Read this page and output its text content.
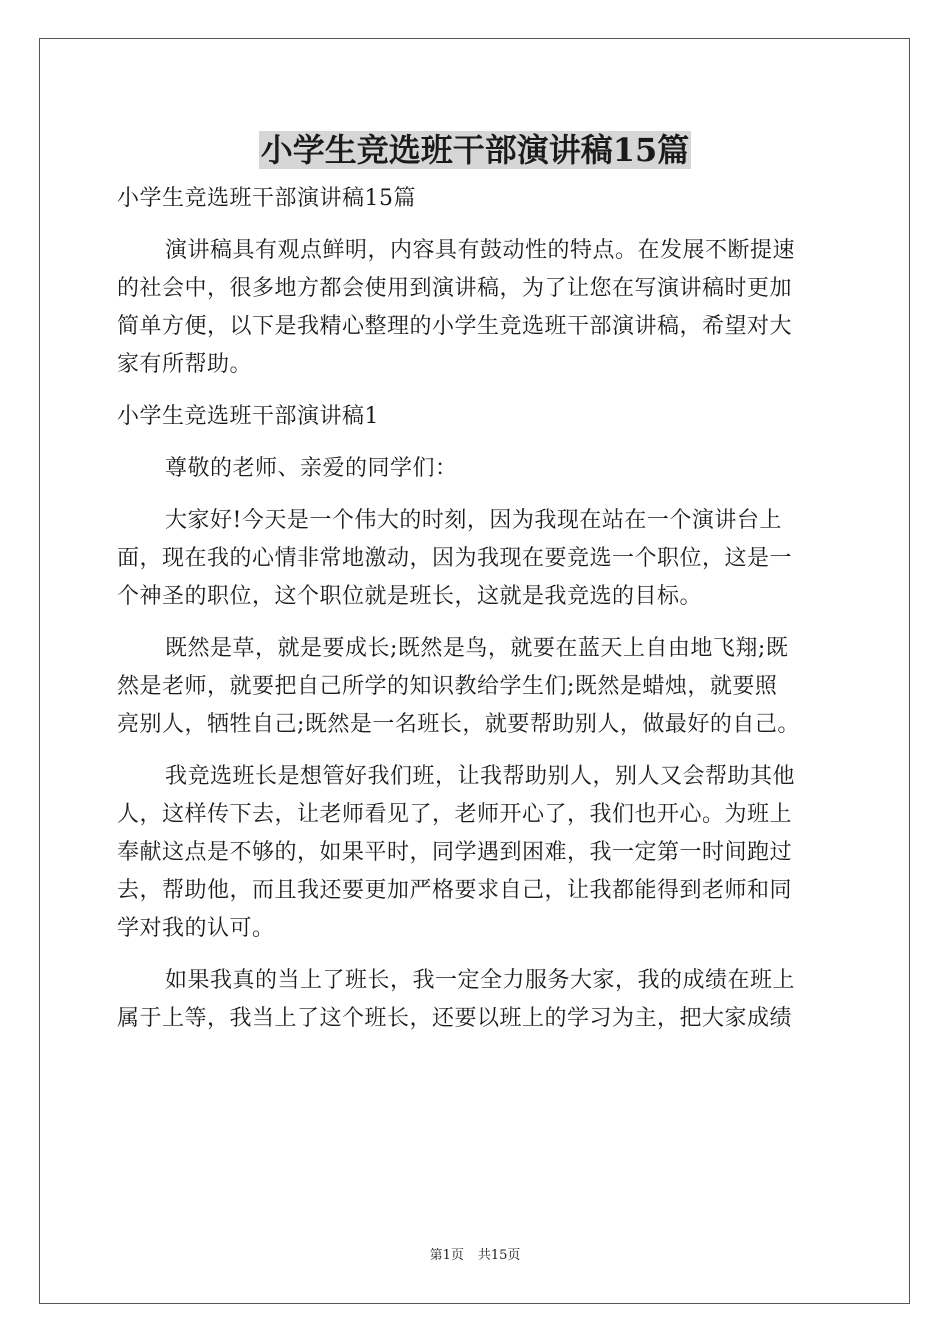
小学生竞选班干部演讲稿15篇

小学生竞选班干部演讲稿15篇

演讲稿具有观点鲜明，内容具有鼓动性的特点。在发展不断提速

的社会中，很多地方都会使用到演讲稿，为了让您在写演讲稿时更加

简单方便，以下是我精心整理的小学生竞选班干部演讲稿，希望对大

家有所帮助。

小学生竞选班干部演讲稿1

尊敬的老师、亲爱的同学们：

大家好!今天是一个伟大的时刻，因为我现在站在一个演讲台上

面，现在我的心情非常地激动，因为我现在要竞选一个职位，这是一

个神圣的职位，这个职位就是班长，这就是我竞选的目标。

既然是草，就是要成长;既然是鸟，就要在蓝天上自由地飞翔;既

然是老师，就要把自己所学的知识教给学生们;既然是蜡烛，就要照

亮别人，牺牲自己;既然是一名班长，就要帮助别人，做最好的自己。

我竞选班长是想管好我们班，让我帮助别人，别人又会帮助其他

人，这样传下去，让老师看见了，老师开心了，我们也开心。为班上

奉献这点是不够的，如果平时，同学遇到困难，我一定第一时间跑过

去，帮助他，而且我还要更加严格要求自己，让我都能得到老师和同

学对我的认可。

如果我真的当上了班长，我一定全力服务大家，我的成绩在班上

属于上等，我当上了这个班长，还要以班上的学习为主，把大家成绩

第1页 共15页
